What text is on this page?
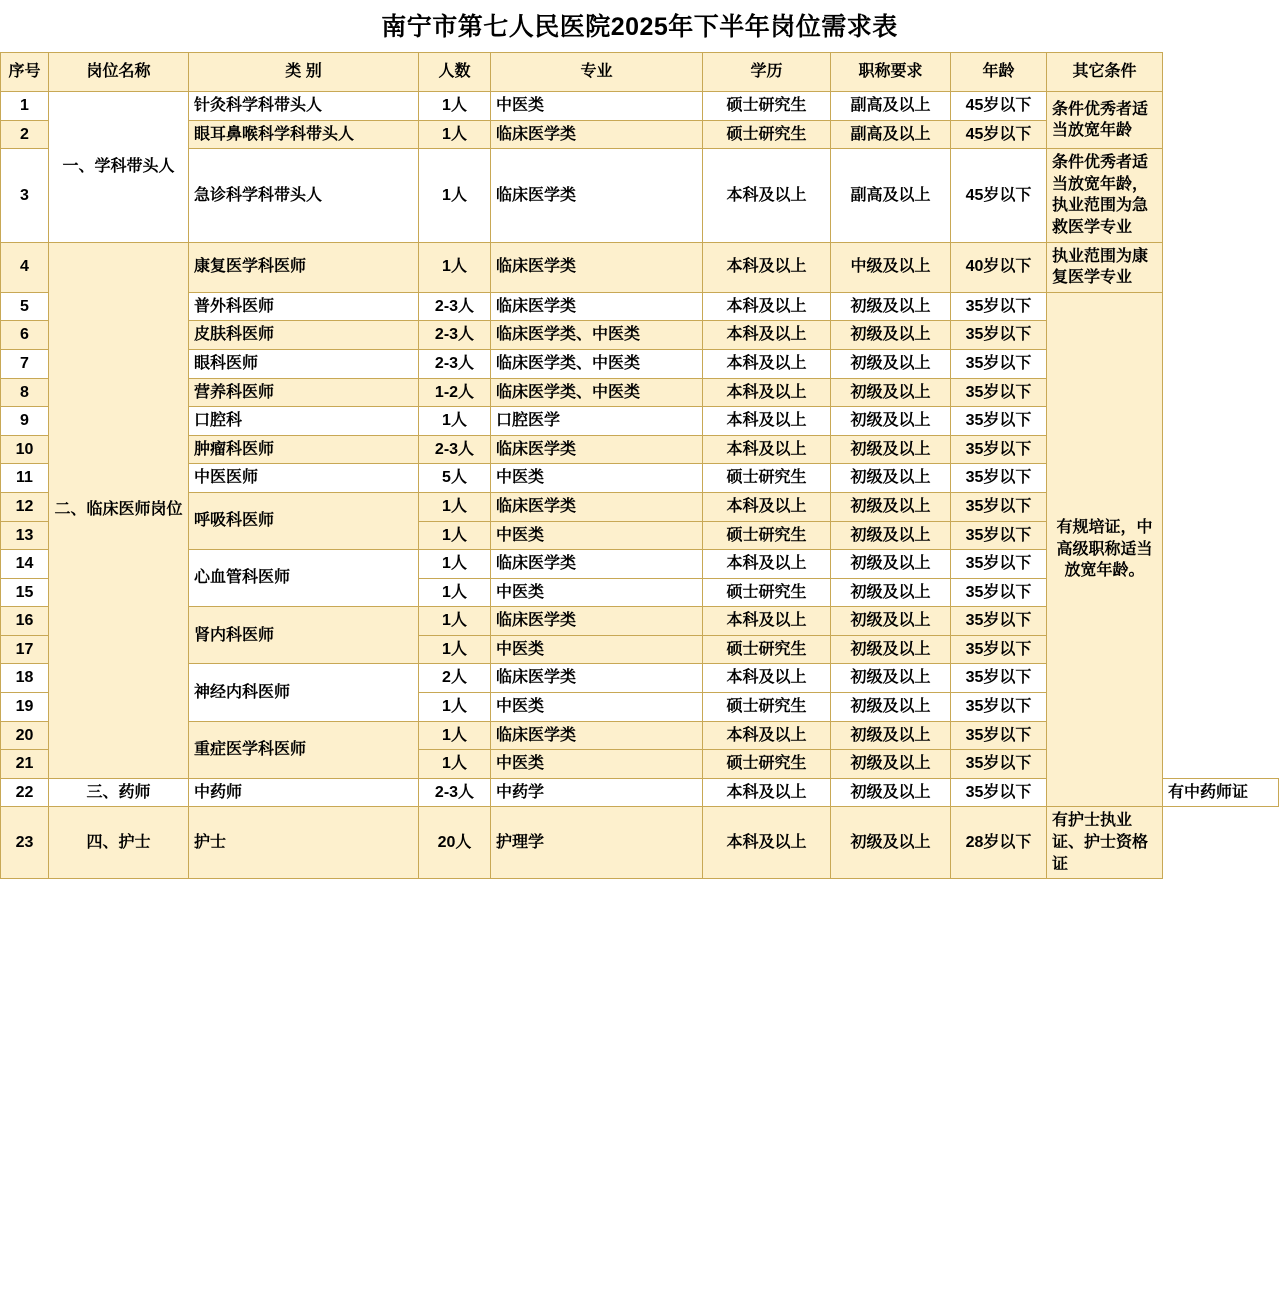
南宁市第七人民医院2025年下半年岗位需求表
序号	岗位名称	类 别	人数	专业	学历	职称要求	年龄	其它条件	
1	一、学科带头人	针灸科学科带头人	1人	中医类	硕士研究生	副高及以上	45岁以下	条件优秀者适当放宽年龄	
2		眼耳鼻喉科学科带头人	1人	临床医学类	硕士研究生	副高及以上	45岁以下		
3		急诊科学科带头人	1人	临床医学类	本科及以上	副高及以上	45岁以下	条件优秀者适当放宽年龄，执业范围为急救医学专业	
4	二、临床医师岗位	康复医学科医师	1人	临床医学类	本科及以上	中级及以上	40岁以下	执业范围为康复医学专业	
5		普外科医师	2-3人	临床医学类	本科及以上	初级及以上	35岁以下	有规培证，中高级职称适当放宽年龄。	
6		皮肤科医师	2-3人	临床医学类、中医类	本科及以上	初级及以上	35岁以下		
7		眼科医师	2-3人	临床医学类、中医类	本科及以上	初级及以上	35岁以下		
8		营养科医师	1-2人	临床医学类、中医类	本科及以上	初级及以上	35岁以下		
9		口腔科	1人	口腔医学	本科及以上	初级及以上	35岁以下		
10		肿瘤科医师	2-3人	临床医学类	本科及以上	初级及以上	35岁以下		
11		中医医师	5人	中医类	硕士研究生	初级及以上	35岁以下		
12		呼吸科医师	1人	临床医学类	本科及以上	初级及以上	35岁以下		
13			1人	中医类	硕士研究生	初级及以上	35岁以下		
14		心血管科医师	1人	临床医学类	本科及以上	初级及以上	35岁以下		
15			1人	中医类	硕士研究生	初级及以上	35岁以下		
16		肾内科医师	1人	临床医学类	本科及以上	初级及以上	35岁以下		
17			1人	中医类	硕士研究生	初级及以上	35岁以下		
18		神经内科医师	2人	临床医学类	本科及以上	初级及以上	35岁以下		
19			1人	中医类	硕士研究生	初级及以上	35岁以下		
20		重症医学科医师	1人	临床医学类	本科及以上	初级及以上	35岁以下		
21			1人	中医类	硕士研究生	初级及以上	35岁以下		
22	三、药师	中药师	2-3人	中药学	本科及以上	初级及以上	35岁以下		有中药师证
23	四、护士	护士	20人	护理学	本科及以上	初级及以上	28岁以下	有护士执业证、护士资格证	
